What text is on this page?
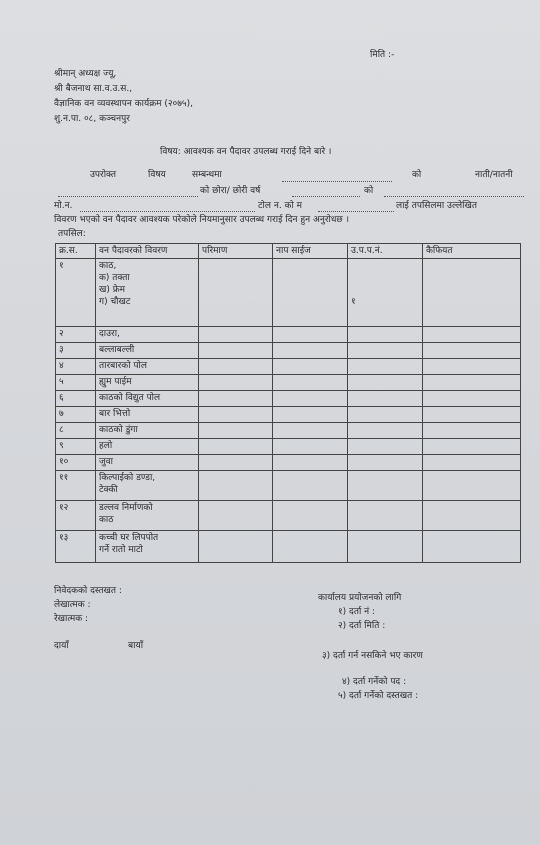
मिति :-
श्रीमान् अध्यक्ष ज्यू,
श्री बैजनाथ सा.व.उ.स.,
वैज्ञानिक वन व्यवस्थापन कार्यक्रम (२०७५),
शु.न.पा. ०८, कञ्चनपुर
विषय: आवश्यक वन पैदावर उपलब्ध गराई दिने बारे ।
उपरोक्त	विषय	सम्बन्धमा	को	नाती/नातनी
को छोरा/ छोरी वर्ष	को
मो.न.	टोल न. को म	लाई तपसिलमा उल्लेखित
विवरण भएको वन पैदावर आवश्यक परेकोले नियमानुसार उपलब्ध गराई दिन हुन अनुरोधछ ।
तपसिल:
क्र.स.	वन पैदावरको विवरण	परिमाण	नाप साईज	उ.प.प.नं.	कैफियत
१	काठ,
क) तक्ता
ख) फ्रेम
ग) चौखट			१	

२	दाउरा,				
३	बल्लाबल्ली				
४	तारबारको पोल				
५	ह्युम पाईम				
६	काठको विद्युत पोल				
७	बार भित्तो				
८	काठको डुंगा				
९	हलो				
१०	जुवा				
११	किल्पाईको डण्डा,
टेक्की				

१२	डल्लव निर्माणको
काठ				

१३	कच्ची घर लिपपोत
गर्ने रातो माटो				

निवेदकको दस्तखत :
लेखात्मक :
रेखात्मक :
दायाँ	बायाँ
कार्यालय प्रयोजनको लागि
१) दर्ता नं :
२) दर्ता मिति :
३) दर्ता गर्न नसकिने भए कारण
४) दर्ता गर्नेको पद :
५) दर्ता गर्नेको दस्तखत :
